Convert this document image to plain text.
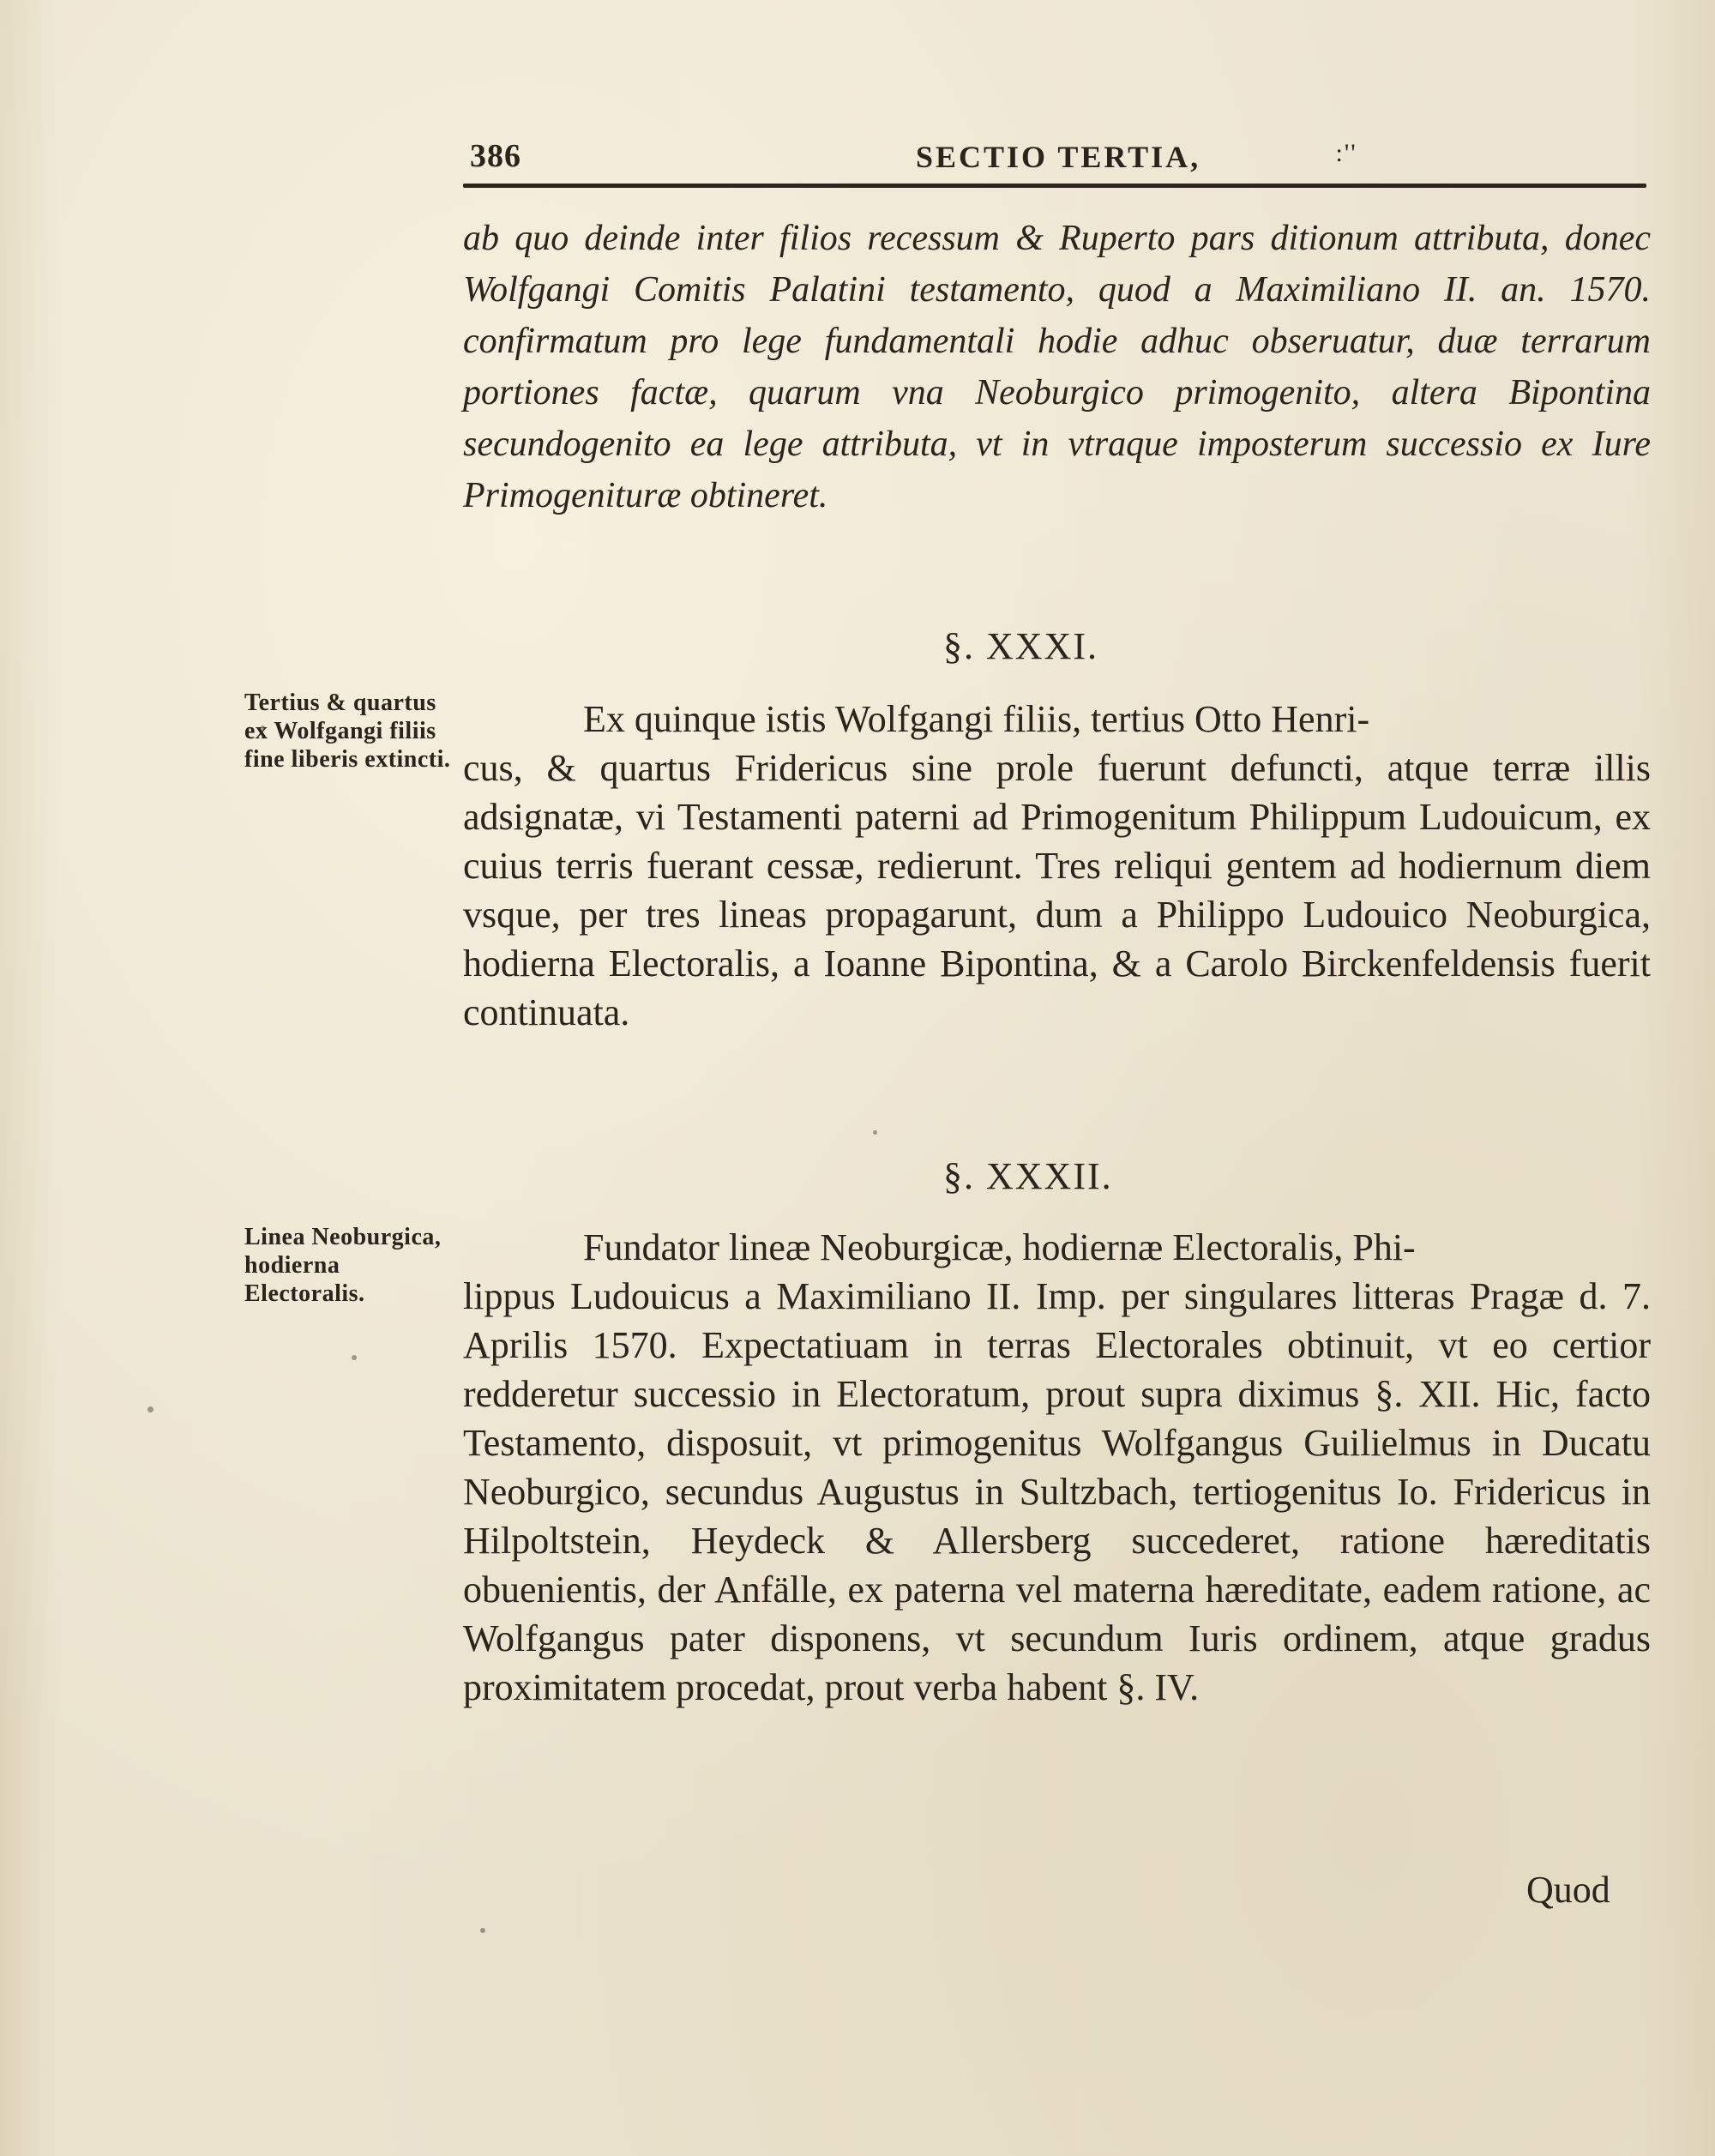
386	SECTIO TERTIA,	:''
ab quo deinde inter filios recessum & Ruperto pars ditionum attributa, donec Wolfgangi Comitis Palatini testamento, quod a Maximiliano II. an. 1570. confirmatum pro lege fundamentali hodie adhuc obseruatur, duæ terrarum portiones factæ, quarum vna Neoburgico primogenito, altera Bipontina secundogenito ea lege attributa, vt in vtraque imposterum successio ex Iure Primogenituræ obtineret.
§. XXXI.
Tertius & quartus ex Wolfgangi filiis fine liberis extincti.
Ex quinque istis Wolfgangi filiis, tertius Otto Henri-
cus, & quartus Fridericus sine prole fuerunt defuncti, atque terræ illis adsignatæ, vi Testamenti paterni ad Primogenitum Philippum Ludouicum, ex cuius terris fuerant cessæ, redierunt. Tres reliqui gentem ad hodiernum diem vsque, per tres lineas propagarunt, dum a Philippo Ludouico Neoburgica, hodierna Electoralis, a Ioanne Bipontina, & a Carolo Birckenfeldensis fuerit continuata.
§. XXXII.
Linea Neoburgica, hodierna Electoralis.
Fundator lineæ Neoburgicæ, hodiernæ Electoralis, Phi-
lippus Ludouicus a Maximiliano II. Imp. per singulares litteras Pragæ d. 7. Aprilis 1570. Expectatiuam in terras Electorales obtinuit, vt eo certior redderetur successio in Electoratum, prout supra diximus §. XII. Hic, facto Testamento, disposuit, vt primogenitus Wolfgangus Guilielmus in Ducatu Neoburgico, secundus Augustus in Sultzbach, tertiogenitus Io. Fridericus in Hilpoltstein, Heydeck & Allersberg succederet, ratione hæreditatis obuenientis, der Anfälle, ex paterna vel materna hæreditate, eadem ratione, ac Wolfgangus pater disponens, vt secundum Iuris ordinem, atque gradus proximitatem procedat, prout verba habent §. IV.
Quod
